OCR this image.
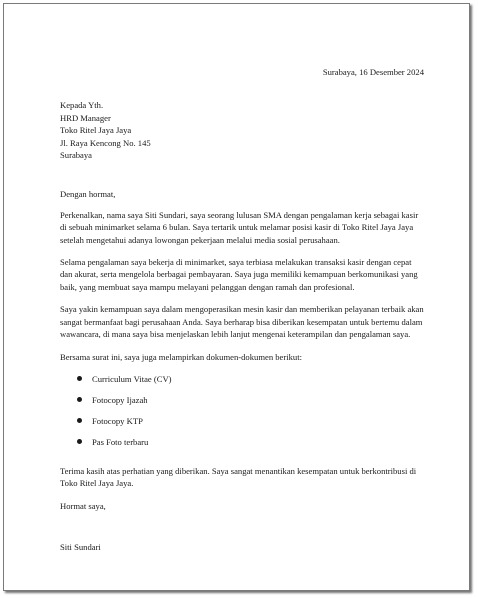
Surabaya, 16 Desember 2024
Kepada Yth.
HRD Manager
Toko Ritel Jaya Jaya
Jl. Raya Kencong No. 145
Surabaya
Dengan hormat,

Perkenalkan, nama saya Siti Sundari, saya seorang lulusan SMA dengan pengalaman kerja sebagai kasir di sebuah minimarket selama 6 bulan. Saya tertarik untuk melamar posisi kasir di Toko Ritel Jaya Jaya setelah mengetahui adanya lowongan pekerjaan melalui media sosial perusahaan.

Selama pengalaman saya bekerja di minimarket, saya terbiasa melakukan transaksi kasir dengan cepat dan akurat, serta mengelola berbagai pembayaran. Saya juga memiliki kemampuan berkomunikasi yang baik, yang membuat saya mampu melayani pelanggan dengan ramah dan profesional.

Saya yakin kemampuan saya dalam mengoperasikan mesin kasir dan memberikan pelayanan terbaik akan sangat bermanfaat bagi perusahaan Anda. Saya berharap bisa diberikan kesempatan untuk bertemu dalam wawancara, di mana saya bisa menjelaskan lebih lanjut mengenai keterampilan dan pengalaman saya.

Bersama surat ini, saya juga melampirkan dokumen-dokumen berikut:

Curriculum Vitae (CV)
Fotocopy Ijazah
Fotocopy KTP
Pas Foto terbaru

Terima kasih atas perhatian yang diberikan. Saya sangat menantikan kesempatan untuk berkontribusi di Toko Ritel Jaya Jaya.

Hormat saya,
Siti Sundari
